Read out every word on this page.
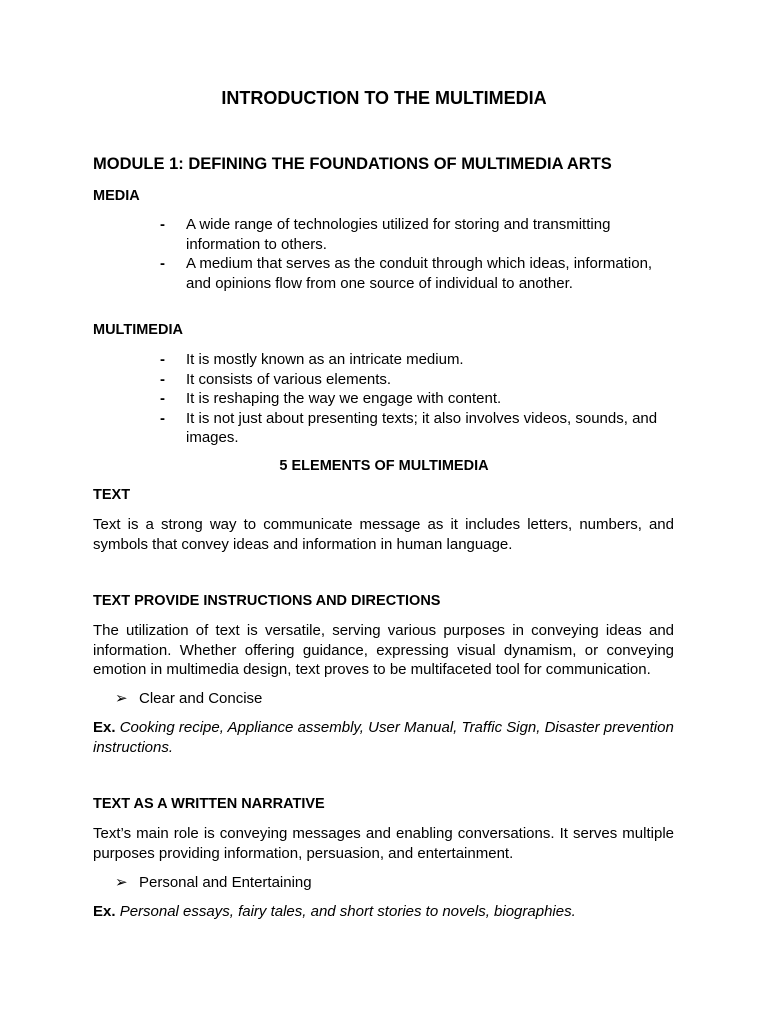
INTRODUCTION TO THE MULTIMEDIA
MODULE 1: DEFINING THE FOUNDATIONS OF MULTIMEDIA ARTS
MEDIA
- A wide range of technologies utilized for storing and transmitting information to others.
- A medium that serves as the conduit through which ideas, information, and opinions flow from one source of individual to another.
MULTIMEDIA
- It is mostly known as an intricate medium.
- It consists of various elements.
- It is reshaping the way we engage with content.
- It is not just about presenting texts; it also involves videos, sounds, and images.
5 ELEMENTS OF MULTIMEDIA
TEXT
Text is a strong way to communicate message as it includes letters, numbers, and symbols that convey ideas and information in human language.
TEXT PROVIDE INSTRUCTIONS AND DIRECTIONS
The utilization of text is versatile, serving various purposes in conveying ideas and information. Whether offering guidance, expressing visual dynamism, or conveying emotion in multimedia design, text proves to be multifaceted tool for communication.
➢ Clear and Concise
Ex. Cooking recipe, Appliance assembly, User Manual, Traffic Sign, Disaster prevention instructions.
TEXT AS A WRITTEN NARRATIVE
Text’s main role is conveying messages and enabling conversations. It serves multiple purposes providing information, persuasion, and entertainment.
➢ Personal and Entertaining
Ex. Personal essays, fairy tales, and short stories to novels, biographies.
